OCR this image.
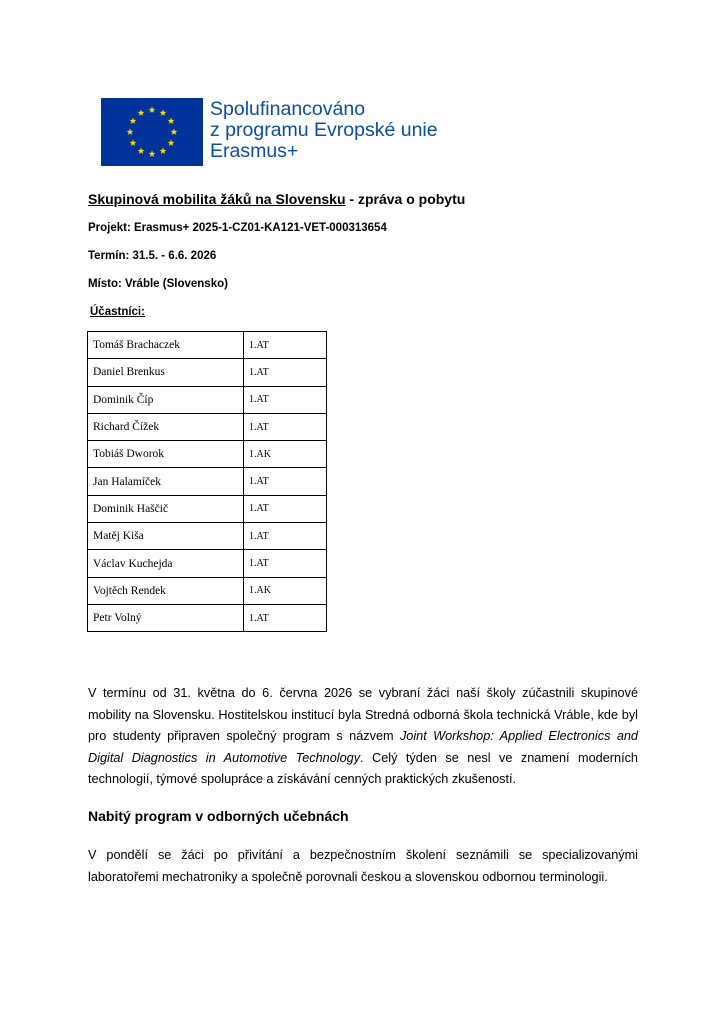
Spolufinancováno
z programu Evropské unie
Erasmus+
Skupinová mobilita žáků na Slovensku - zpráva o pobytu
Projekt: Erasmus+ 2025-1-CZ01-KA121-VET-000313654
Termín: 31.5. - 6.6. 2026
Místo: Vráble (Slovensko)
Účastníci:
Tomáš Brachaczek	1.AT
Daniel Brenkus	1.AT
Dominik Číp	1.AT
Richard Čížek	1.AT
Tobiáš Dworok	1.AK
Jan Halamíček	1.AT
Dominik Haščič	1.AT
Matěj Kiša	1.AT
Václav Kuchejda	1.AT
Vojtěch Rendek	1.AK
Petr Volný	1.AT
V termínu od 31. května do 6. června 2026 se vybraní žáci naší školy zúčastnili skupinové mobility na Slovensku. Hostitelskou institucí byla Stredná odborná škola technická Vráble, kde byl pro studenty připraven společný program s názvem Joint Workshop: Applied Electronics and Digital Diagnostics in Automotive Technology. Celý týden se nesl ve znamení moderních technologií, týmové spolupráce a získávání cenných praktických zkušeností.
Nabitý program v odborných učebnách
V pondělí se žáci po přivítání a bezpečnostním školení seznámili se specializovanými laboratořemi mechatroniky a společně porovnali českou a slovenskou odbornou terminologii.
